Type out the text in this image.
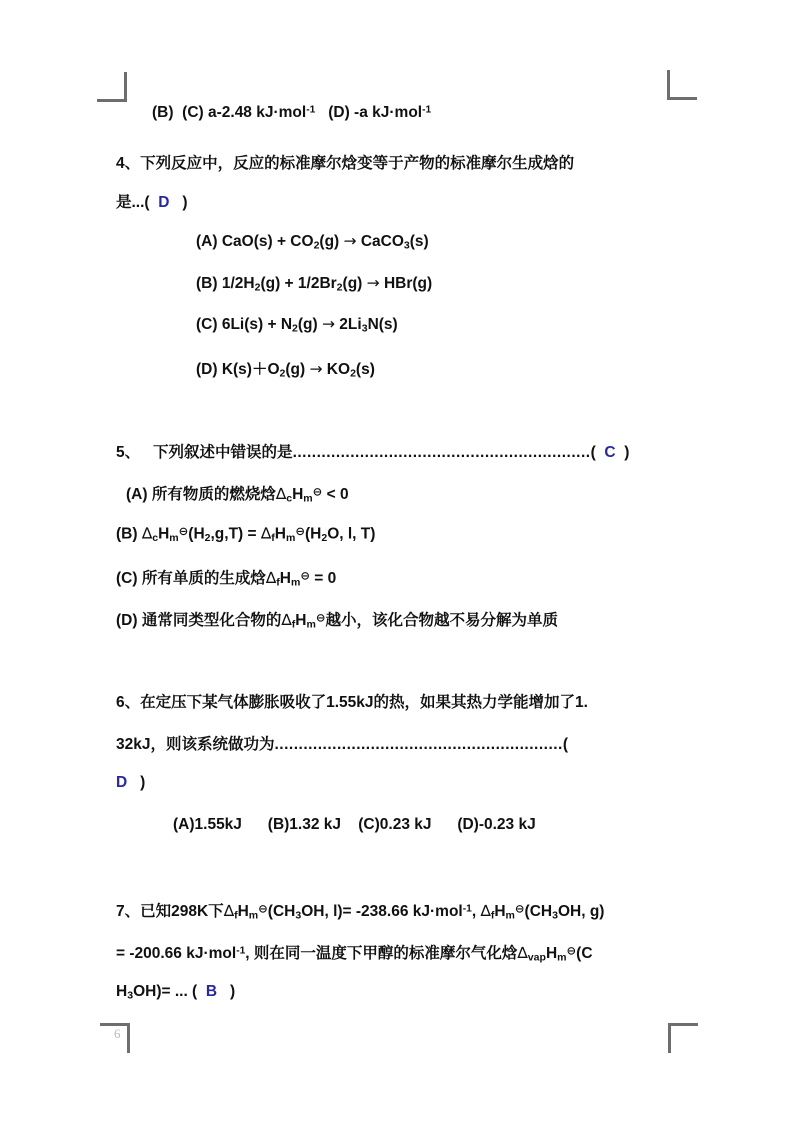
6
(B) (C) a-2.48 kJ·mol$^{-1}$ (D) -a kJ·mol$^{-1}$
4、下列反应中，反应的标准摩尔焓变等于产物的标准摩尔生成焓的
是...( D )
(A) $CaO(s) + CO_2(g)$ → CaCO$_3$(s)
(B) $1/2H_2(g) + 1/2Br_2(g) \to HBr(g)$
(C) $6Li(s) + N_2(g) \to 2Li_3N(s)$
(D) $K(s)+O_2(g) \to KO_2(s)$
5、 下列叙述中错误的是..............................................................( C )
(A) 所有物质的燃烧焓$\Delta_cH_m^⊖ < 0$
(B) $\Delta_cH_m^⊖(H_2,g,T) = \Delta_fH_m^⊖(H_2O$, l, T)
(C) 所有单质的生成焓$\Delta_fH_m^⊖ = 0$
(D) 通常同类型化合物的$\Delta_fH_m^⊖$越小，该化合物越不易分解为单质
6、在定压下某气体膨胀吸收了1.55kJ的热，如果其热力学能增加了1.
32kJ，则该系统做功为............................................................(
D )
(A)1.55kJ (B)1.32 kJ (C)0.23 kJ (D)-0.23 kJ
7、已知298K下$\Delta_fH_m^⊖(CH_3OH$, l)= -238.66 kJ·mol$^{-1}$, $\Delta_fH_m^⊖(CH_3OH$, g)
= -200.66 kJ·mol$^{-1}$, 则在同一温度下甲醇的标准摩尔气化焓$\Delta_{vap}H_m^⊖(C$
$H_3OH)=$ ... ( B )
